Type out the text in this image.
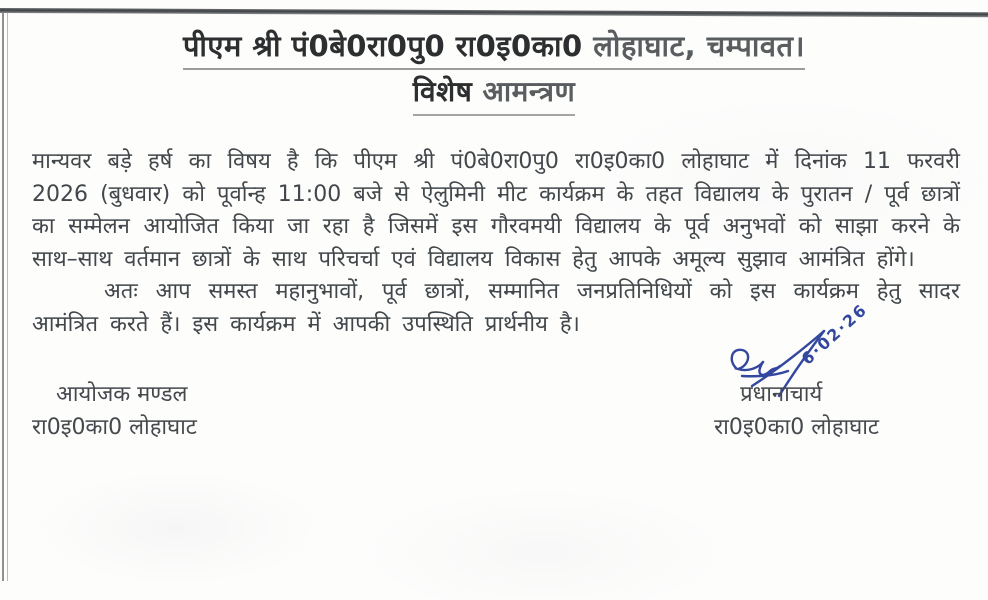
पीएम श्री पं0बे0रा0पु0 रा0इ0का0 लोहाघाट, चम्पावत।
विशेष आमन्त्रण

मान्यवर बड़े हर्ष का विषय है कि पीएम श्री पं0बे0रा0पु0 रा0इ0का0 लोहाघाट में दिनांक 11 फरवरी 2026 (बुधवार) को पूर्वान्ह 11:00 बजे से ऐलुमिनी मीट कार्यक्रम के तहत विद्यालय के पुरातन / पूर्व छात्रों का सम्मेलन आयोजित किया जा रहा है जिसमें इस गौरवमयी विद्यालय के पूर्व अनुभवों को साझा करने के साथ–साथ वर्तमान छात्रों के साथ परिचर्चा एवं विद्यालय विकास हेतु आपके अमूल्य सुझाव आमंत्रित होंगे।

अतः आप समस्त महानुभावों, पूर्व छात्रों, सम्मानित जनप्रतिनिधियों को इस कार्यक्रम हेतु सादर आमंत्रित करते हैं। इस कार्यक्रम में आपकी उपस्थिति प्रार्थनीय है।	6·02·26
आयोजक मण्डल
रा0इ0का0 लोहाघाट
प्रधानाचार्य
रा0इ0का0 लोहाघाट
